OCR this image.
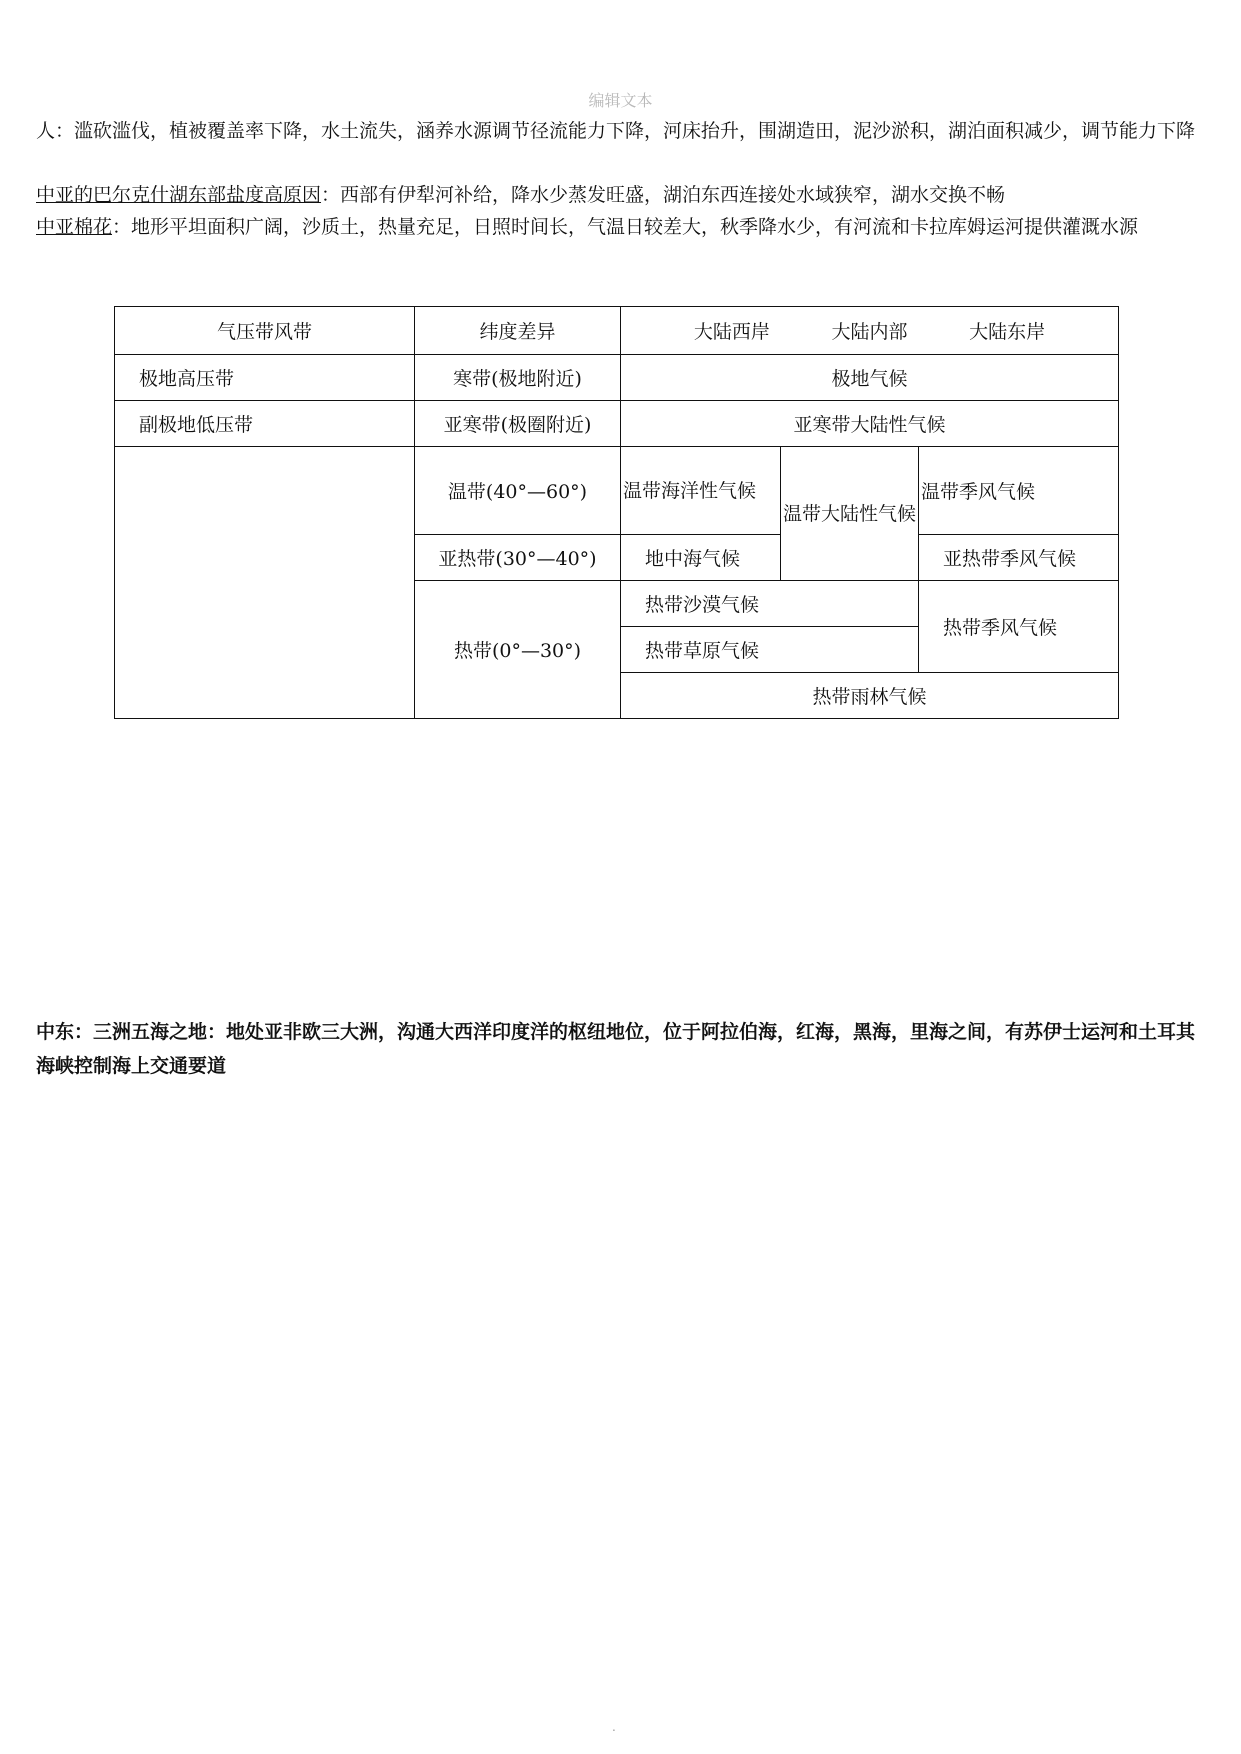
编辑文本

人：滥砍滥伐，植被覆盖率下降，水土流失，涵养水源调节径流能力下降，河床抬升，围湖造田，泥沙淤积，湖泊面积减少，调节能力下降

中亚的巴尔克什湖东部盐度高原因：西部有伊犁河补给，降水少蒸发旺盛，湖泊东西连接处水域狭窄，湖水交换不畅

中亚棉花：地形平坦面积广阔，沙质土，热量充足，日照时间长，气温日较差大，秋季降水少，有河流和卡拉库姆运河提供灌溉水源

气压带风带	纬度差异	大陆西岸 大陆内部 大陆东岸		

极地高压带	寒带(极地附近)	极地气候		
副极地低压带	亚寒带(极圈附近)	亚寒带大陆性气候		
	温带(40°—60°)	温带海洋性气候	温带大陆性气候	温带季风气候
	亚热带(30°—40°)	地中海气候		亚热带季风气候
	热带(0°—30°)	热带沙漠气候		热带季风气候
		热带草原气候		
		热带雨林气候		

中东：三洲五海之地：地处亚非欧三大洲，沟通大西洋印度洋的枢纽地位，位于阿拉伯海，红海，黑海，里海之间，有苏伊士运河和土耳其海峡控制海上交通要道

.
